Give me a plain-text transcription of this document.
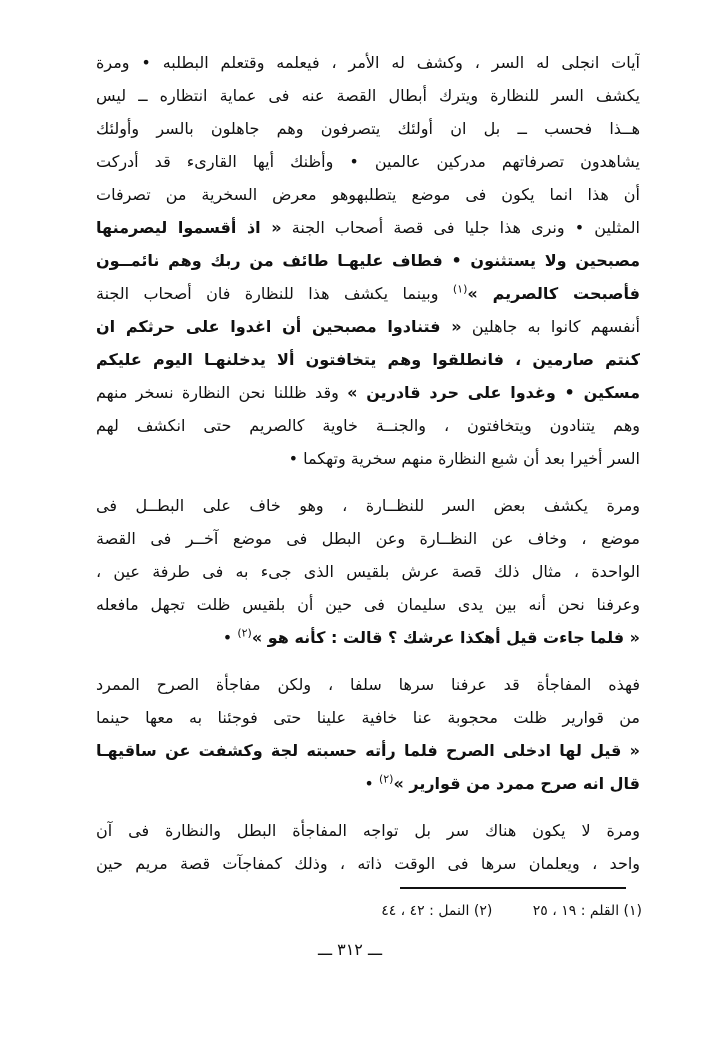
آيات انجلى له السر ، وكشف له الأمر ، فيعلمه وقتعلم البطلبه • ومرة
يكشف السر للنظارة ويترك أبطال القصة عنه فى عماية انتظاره ــ ليس
هــذا فحسب ــ بل ان أولئك يتصرفون وهم جاهلون بالسر وأولئك
يشاهدون تصرفاتهم مدركين عالمين • وأظنك أيها القارىء قد أدركت
أن هذا انما يكون فى موضع يتطلبهوهو معرض السخرية من تصرفات
المثلين • ونرى هذا جليا فى قصة أصحاب الجنة « اذ أقسموا ليصرمنها
مصبحين ولا يستثنون • فطاف عليهـا طائف من ربك وهم نائمــون
فأصبحت كالصريم »$^{(١)}$ وبينما يكشف هذا للنظارة فان أصحاب الجنة
أنفسهم كانوا به جاهلين « فتنادوا مصبحين أن اغدوا على حرثكم ان
كنتم صارمين ، فانطلقوا وهم يتخافتون ألا يدخلنهـا اليوم عليكم
مسكين • وغدوا على حرد قادرين » وقد ظللنا نحن النظارة نسخر منهم
وهم يتنادون ويتخافتون ، والجنــة خاوية كالصريم حتى انكشف لهم
السر أخيرا بعد أن شبع النظارة منهم سخرية وتهكما •
ومرة يكشف بعض السر للنظــارة ، وهو خاف على البطــل فى
موضع ، وخاف عن النظــارة وعن البطل فى موضع آخــر فى القصة
الواحدة ، مثال ذلك قصة عرش بلقيس الذى جىء به فى طرفة عين ،
وعرفنا نحن أنه بين يدى سليمان فى حين أن بلقيس ظلت تجهل مافعله
« فلما جاءت قيل أهكذا عرشك ؟ قالت : كأنه هو »$^{(٢)}$ •
فهذه المفاجأة قد عرفنا سرها سلفا ، ولكن مفاجأة الصرح الممرد
من قوارير ظلت محجوبة عنا خافية علينا حتى فوجئنا به معها حينما
« قيل لها ادخلى الصرح فلما رأته حسبته لجة وكشفت عن ساقيهـا
قال انه صرح ممرد من قوارير »$^{(٢)}$ •
ومرة لا يكون هناك سر بل تواجه المفاجأة البطل والنظارة فى آن
واحد ، ويعلمان سرها فى الوقت ذاته ، وذلك كمفاجآت قصة مريم حين
(١) القلم : ١٩ ، ٢٥ (٢) النمل : ٤٢ ، ٤٤
ـــ ٣١٢ ـــ
